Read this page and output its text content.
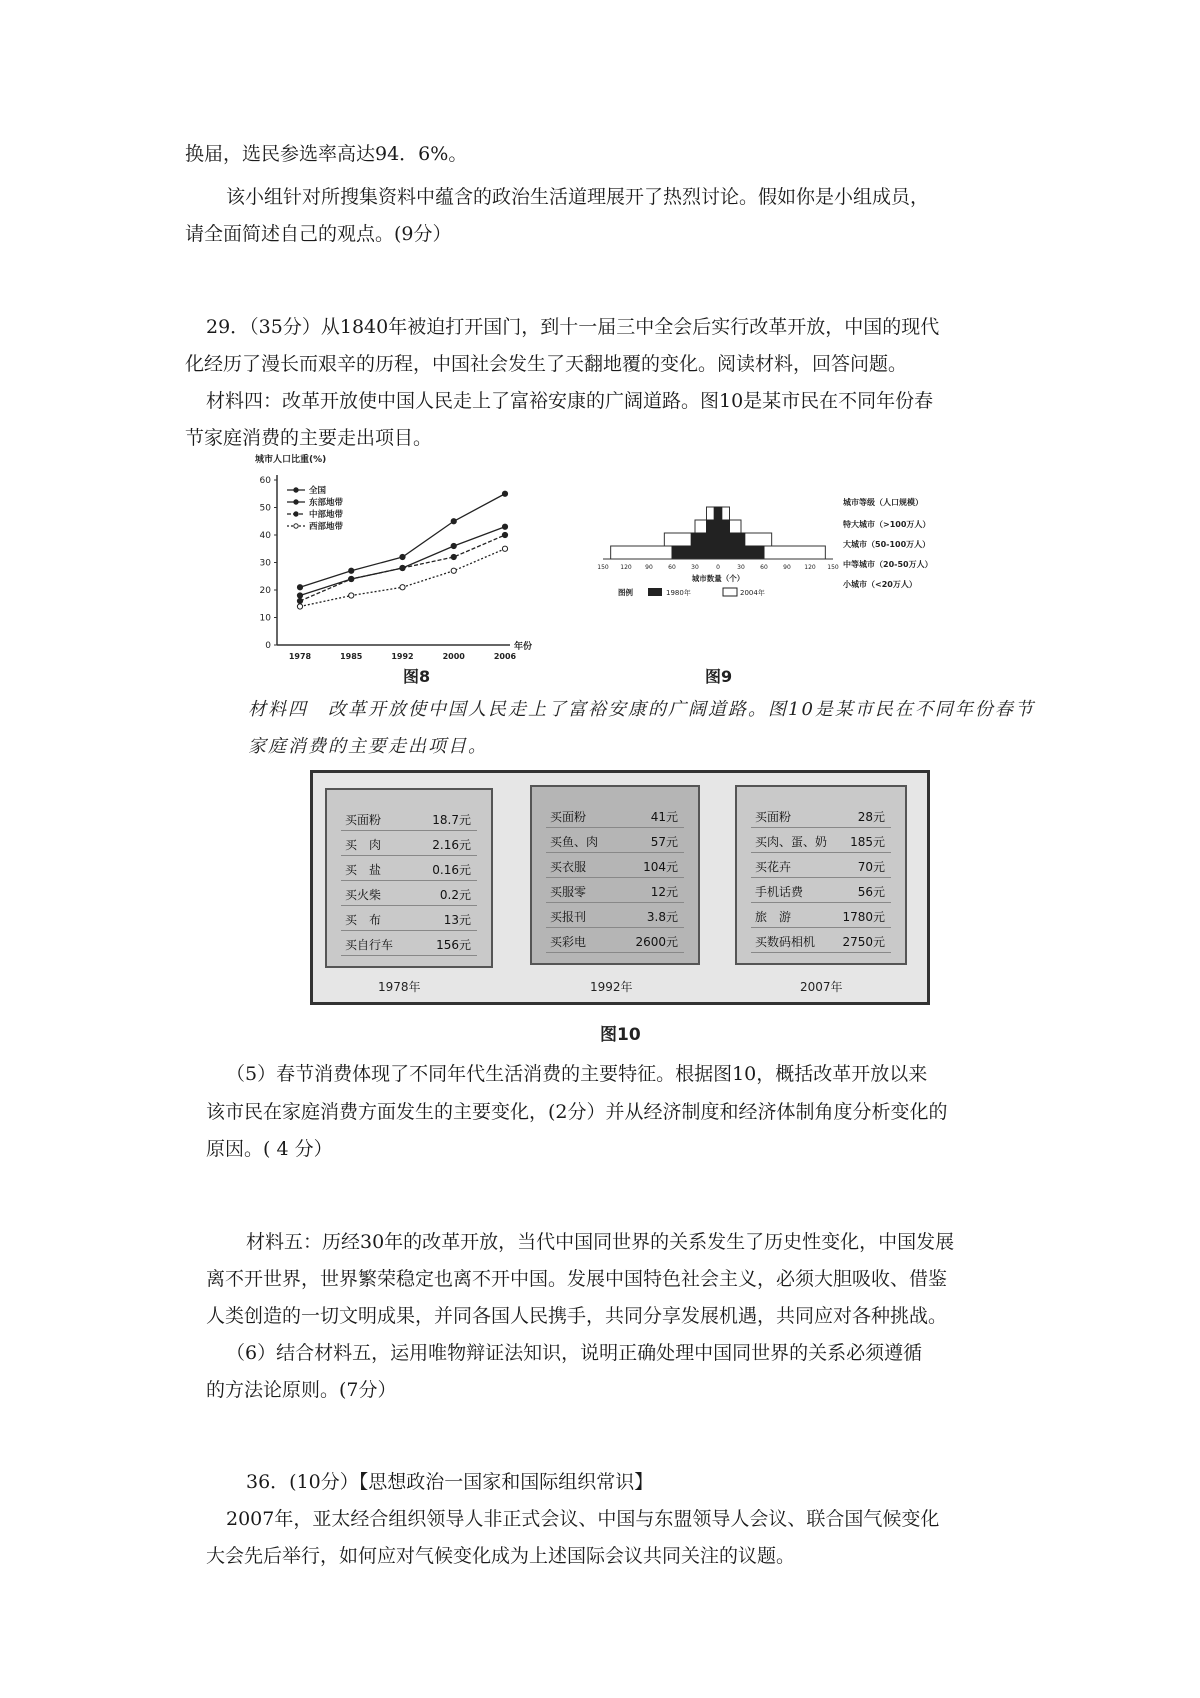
换届，选民参选率高达94．6%。
该小组针对所搜集资料中蕴含的政治生活道理展开了热烈讨论。假如你是小组成员，
请全面简述自己的观点。(9分）
29．（35分）从1840年被迫打开国门，到十一届三中全会后实行改革开放，中国的现代
化经历了漫长而艰辛的历程，中国社会发生了天翻地覆的变化。阅读材料，回答问题。
材料四：改革开放使中国人民走上了富裕安康的广阔道路。图10是某市民在不同年份春
节家庭消费的主要走出项目。
城市人口比重(%)
0
10
20
30
40
50
60
1978	1985	1992	2000	2006
年份
全国
东部地带
中部地带
西部地带
图8
150 120 90	60	30	0	30	60	90 120 150
城市数量（个）
图例	1980年	2004年
城市等级（人口规模）
特大城市（>100万人）
大城市（50-100万人）
中等城市（20-50万人）
小城市（<20万人）
图9
材料四　改革开放使中国人民走上了富裕安康的广阔道路。图10是某市民在不同年份春节
家庭消费的主要走出项目。
买面粉	18.7元
买　肉	2.16元
买　盐	0.16元
买火柴	0.2元
买　布	13元
买自行车	156元
买面粉	41元
买鱼、肉	57元
买衣服	104元
买服零	12元
买报刊	3.8元
买彩电	2600元
买面粉	28元
买肉、蛋、奶 185元
买花卉	70元
手机话费	56元
旅　游	1780元
买数码相机 2750元
1978年	1992年	2007年
图10
（5）春节消费体现了不同年代生活消费的主要特征。根据图10，概括改革开放以来
该市民在家庭消费方面发生的主要变化，(2分）并从经济制度和经济体制角度分析变化的
原因。( 4 分）
材料五：历经30年的改革开放，当代中国同世界的关系发生了历史性变化，中国发展
离不开世界，世界繁荣稳定也离不开中国。发展中国特色社会主义，必须大胆吸收、借鉴
人类创造的一切文明成果，并同各国人民携手，共同分享发展机遇，共同应对各种挑战。
（6）结合材料五，运用唯物辩证法知识，说明正确处理中国同世界的关系必须遵循
的方法论原则。(7分）
36．(10分）【思想政治一国家和国际组织常识】
2007年，亚太经合组织领导人非正式会议、中国与东盟领导人会议、联合国气候变化
大会先后举行，如何应对气候变化成为上述国际会议共同关注的议题。
